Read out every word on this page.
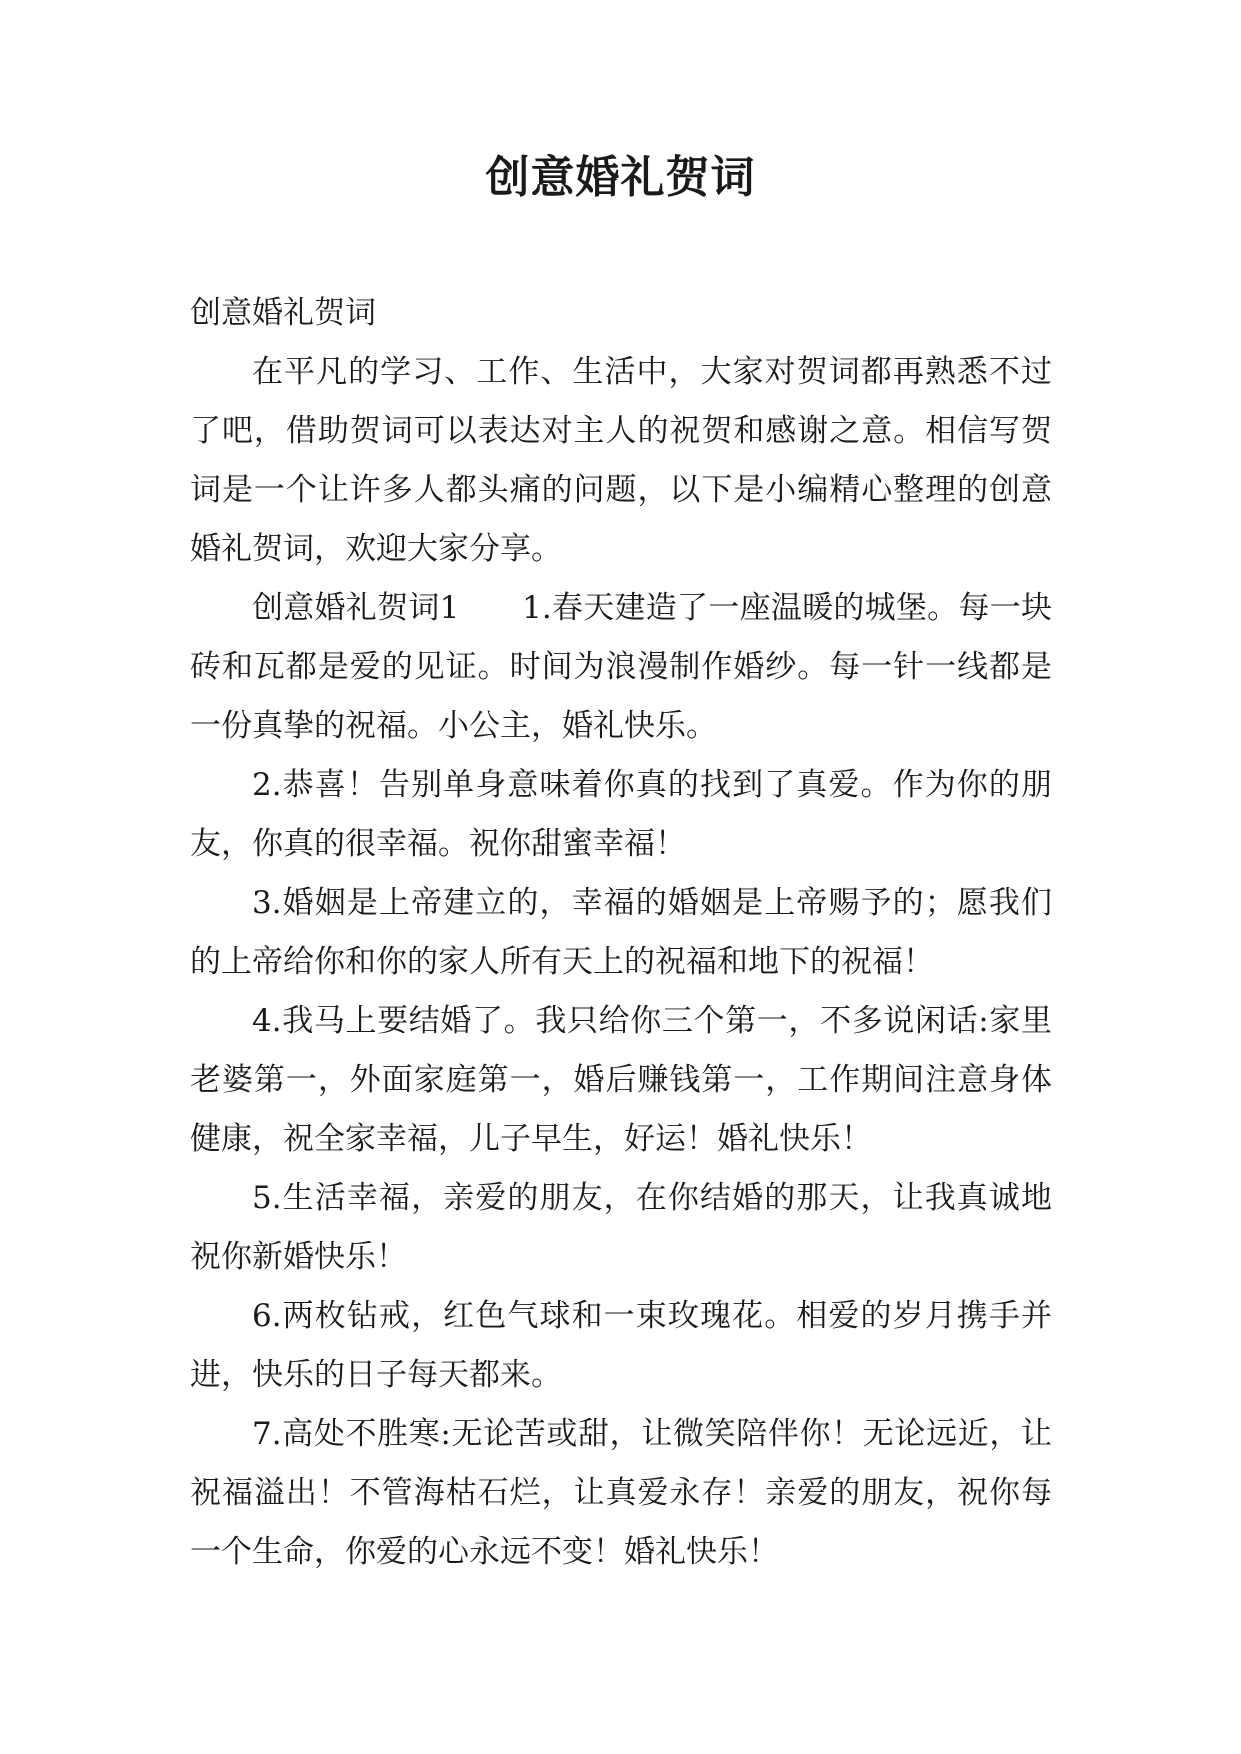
创意婚礼贺词

创意婚礼贺词

在平凡的学习、工作、生活中，大家对贺词都再熟悉不过了吧，借助贺词可以表达对主人的祝贺和感谢之意。相信写贺词是一个让许多人都头痛的问题，以下是小编精心整理的创意婚礼贺词，欢迎大家分享。

创意婚礼贺词1　　1.春天建造了一座温暖的城堡。每一块砖和瓦都是爱的见证。时间为浪漫制作婚纱。每一针一线都是一份真挚的祝福。小公主，婚礼快乐。

2.恭喜！告别单身意味着你真的找到了真爱。作为你的朋友，你真的很幸福。祝你甜蜜幸福！

3.婚姻是上帝建立的，幸福的婚姻是上帝赐予的；愿我们的上帝给你和你的家人所有天上的祝福和地下的祝福！

4.我马上要结婚了。我只给你三个第一，不多说闲话:家里老婆第一，外面家庭第一，婚后赚钱第一，工作期间注意身体健康，祝全家幸福，儿子早生，好运！婚礼快乐！

5.生活幸福，亲爱的朋友，在你结婚的那天，让我真诚地祝你新婚快乐！

6.两枚钻戒，红色气球和一束玫瑰花。相爱的岁月携手并进，快乐的日子每天都来。

7.高处不胜寒:无论苦或甜，让微笑陪伴你！无论远近，让祝福溢出！不管海枯石烂，让真爱永存！亲爱的朋友，祝你每一个生命，你爱的心永远不变！婚礼快乐！
